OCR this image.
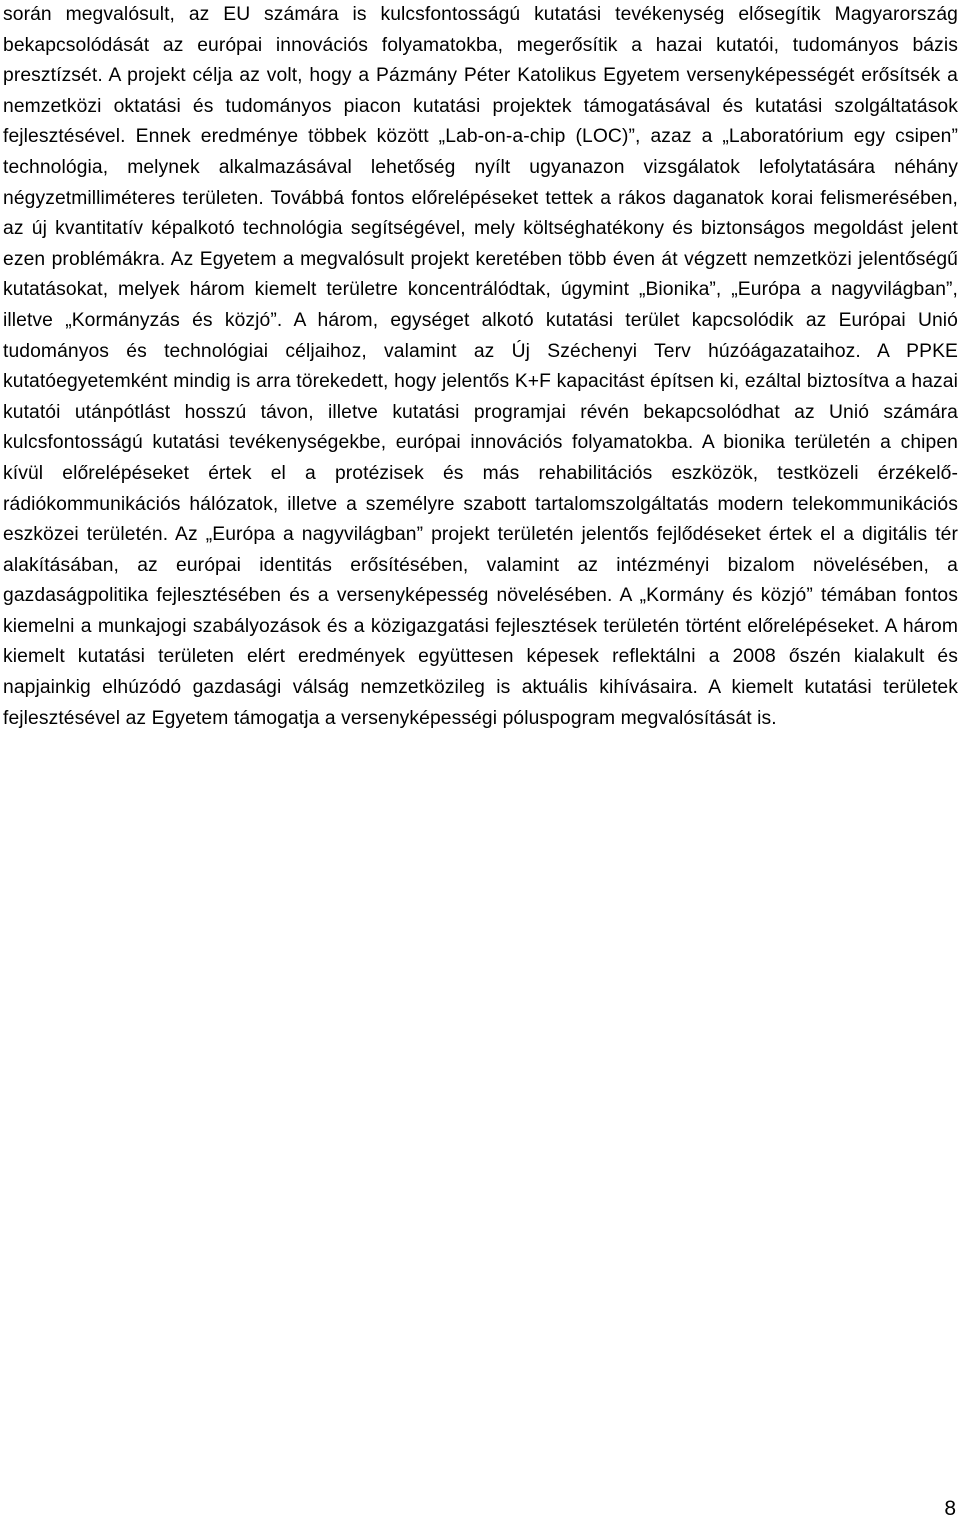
során megvalósult, az EU számára is kulcsfontosságú kutatási tevékenység elősegítik Magyarország bekapcsolódását az európai innovációs folyamatokba, megerősítik a hazai kutatói, tudományos bázis presztízsét. A projekt célja az volt, hogy a Pázmány Péter Katolikus Egyetem versenyképességét erősítsék a nemzetközi oktatási és tudományos piacon kutatási projektek támogatásával és kutatási szolgáltatások fejlesztésével. Ennek eredménye többek között „Lab-on-a-chip (LOC)”, azaz a „Laboratórium egy csipen” technológia, melynek alkalmazásával lehetőség nyílt ugyanazon vizsgálatok lefolytatására néhány négyzetmilliméteres területen. Továbbá fontos előrelépéseket tettek a rákos daganatok korai felismerésében, az új kvantitatív képalkotó technológia segítségével, mely költséghatékony és biztonságos megoldást jelent ezen problémákra. Az Egyetem a megvalósult projekt keretében több éven át végzett nemzetközi jelentőségű kutatásokat, melyek három kiemelt területre koncentrálódtak, úgymint „Bionika”, „Európa a nagyvilágban”, illetve „Kormányzás és közjó”. A három, egységet alkotó kutatási terület kapcsolódik az Európai Unió tudományos és technológiai céljaihoz, valamint az Új Széchenyi Terv húzóágazataihoz. A PPKE kutatóegyetemként mindig is arra törekedett, hogy jelentős K+F kapacitást építsen ki, ezáltal biztosítva a hazai kutatói utánpótlást hosszú távon, illetve kutatási programjai révén bekapcsolódhat az Unió számára kulcsfontosságú kutatási tevékenységekbe, európai innovációs folyamatokba. A bionika területén a chipen kívül előrelépéseket értek el a protézisek és más rehabilitációs eszközök, testközeli érzékelő-rádiókommunikációs hálózatok, illetve a személyre szabott tartalomszolgáltatás modern telekommunikációs eszközei területén. Az „Európa a nagyvilágban” projekt területén jelentős fejlődéseket értek el a digitális tér alakításában, az európai identitás erősítésében, valamint az intézményi bizalom növelésében, a gazdaságpolitika fejlesztésében és a versenyképesség növelésében. A „Kormány és közjó” témában fontos kiemelni a munkajogi szabályozások és a közigazgatási fejlesztések területén történt előrelépéseket. A három kiemelt kutatási területen elért eredmények együttesen képesek reflektálni a 2008 őszén kialakult és napjainkig elhúzódó gazdasági válság nemzetközileg is aktuális kihívásaira. A kiemelt kutatási területek fejlesztésével az Egyetem támogatja a versenyképességi póluspogram megvalósítását is.

8
